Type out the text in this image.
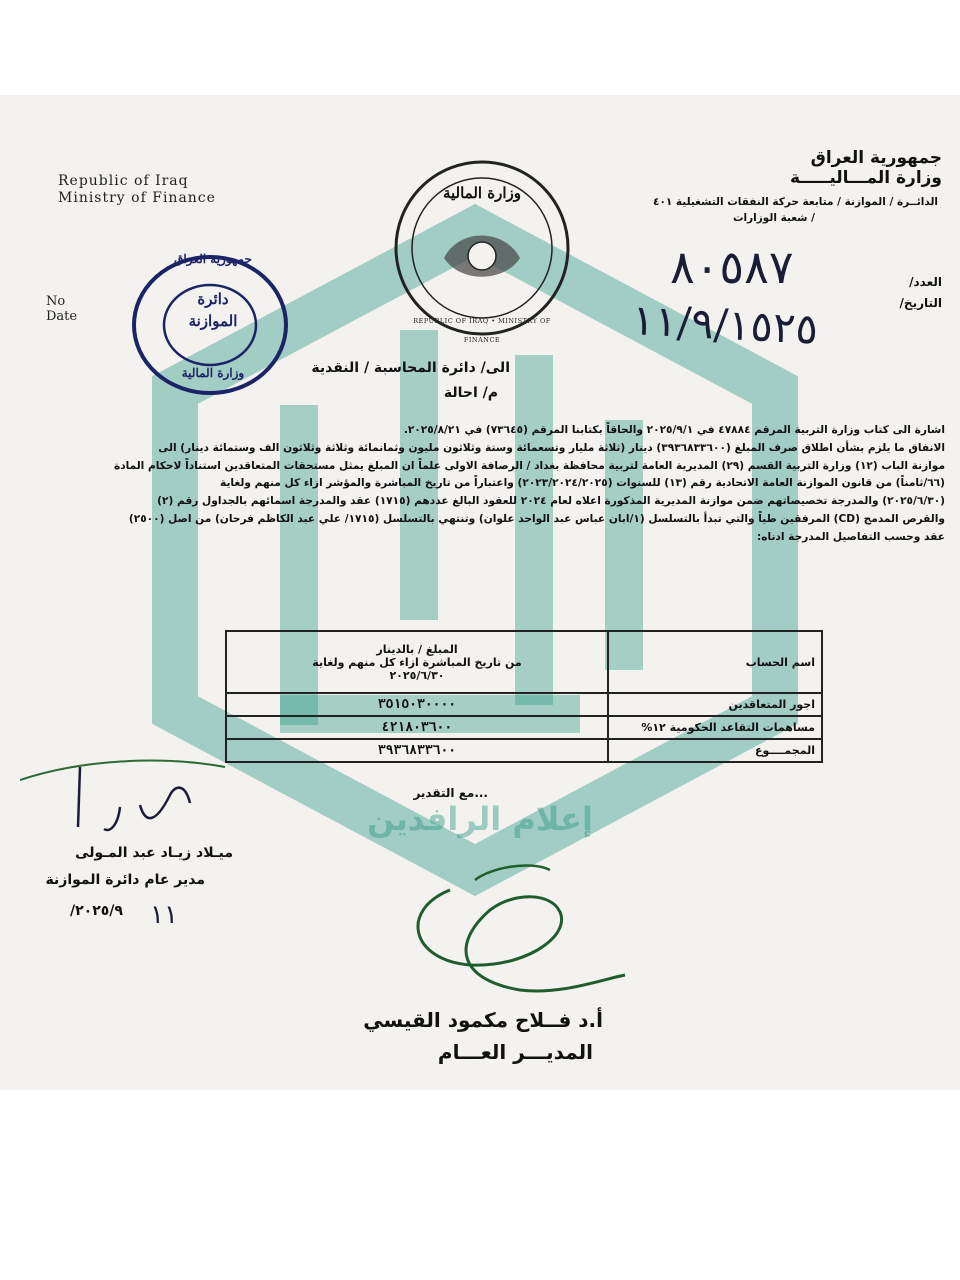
إعلام الرافدين
Republic of Iraq
Ministry of Finance
No
Date
جمهورية العراق
وزارة المـــاليـــــة
الدائــرة / الموازنة / متابعة حركة النفقات التشغيلية ٤٠١
/ شعبة الوزارات
العدد/
التاريخ/
٨٠٥٨٧
١١/٩/١٥٢٥
جمهورية العراق
دائرة
الموازنة
وزارة المالية
وزارة المالية
REPUBLIC OF IRAQ • MINISTRY OF FINANCE
الى/ دائرة المحاسبة / النقدية
م/ احالة
اشارة الى كتاب وزارة التربية المرقم ٤٧٨٨٤ في ٢٠٢٥/٩/١ والحاقاً بكتابنا المرقم (٧٣٦٤٥) في ٢٠٢٥/٨/٢١.
الانفاق ما يلزم بشأن اطلاق صرف المبلغ (٣٩٣٦٨٣٣٦٠٠) دينار (ثلاثة مليار وتسعمائة وستة وثلاثون مليون وثمانمائة وثلاثة وثلاثون الف وستمائة دينار) الى
موازنة الباب (١٢) وزارة التربية القسم (٢٩) المديرية العامة لتربية محافظة بغداد / الرصافة الاولى علماً ان المبلغ يمثل مستحقات المتعاقدين استناداً لاحكام المادة
(٦٦/ثامناً) من قانون الموازنة العامة الاتحادية رقم (١٣) للسنوات (٢٠٢٣/٢٠٢٤/٢٠٢٥) واعتباراً من تاريخ المباشرة والمؤشر ازاء كل منهم ولغاية
(٢٠٢٥/٦/٣٠) والمدرجة تخصيصاتهم ضمن موازنة المديرية المذكورة اعلاه لعام ٢٠٢٤ للعقود البالغ عددهم (١٧١٥) عقد والمدرجة اسمائهم بالجداول رقم (٢)
والقرص المدمج (CD) المرفقين طياً والتي تبدأ بالتسلسل (١/ابان عباس عبد الواحد علوان) وتنتهي بالتسلسل (١٧١٥/ علي عبد الكاظم فرحان) من اصل (٢٥٠٠)
عقد وحسب التفاصيل المدرجة ادناه:
اسم الحساب	المبلغ / بالدينار
من تاريخ المباشرة ازاء كل منهم ولغاية
٢٠٢٥/٦/٣٠

اجور المتعاقدين	٣٥١٥٠٣٠٠٠٠
مساهمات التقاعد الحكومية ١٢%	٤٢١٨٠٣٦٠٠
المجمــــوع	٣٩٣٦٨٣٣٦٠٠
...مع التقدير
ميـلاد زيـاد عبد المـولى
مدير عام دائرة الموازنة
٢٠٢٥/٩/ ١١
أ.د فــلاح مكمود القيسي
المديـــر العـــام
